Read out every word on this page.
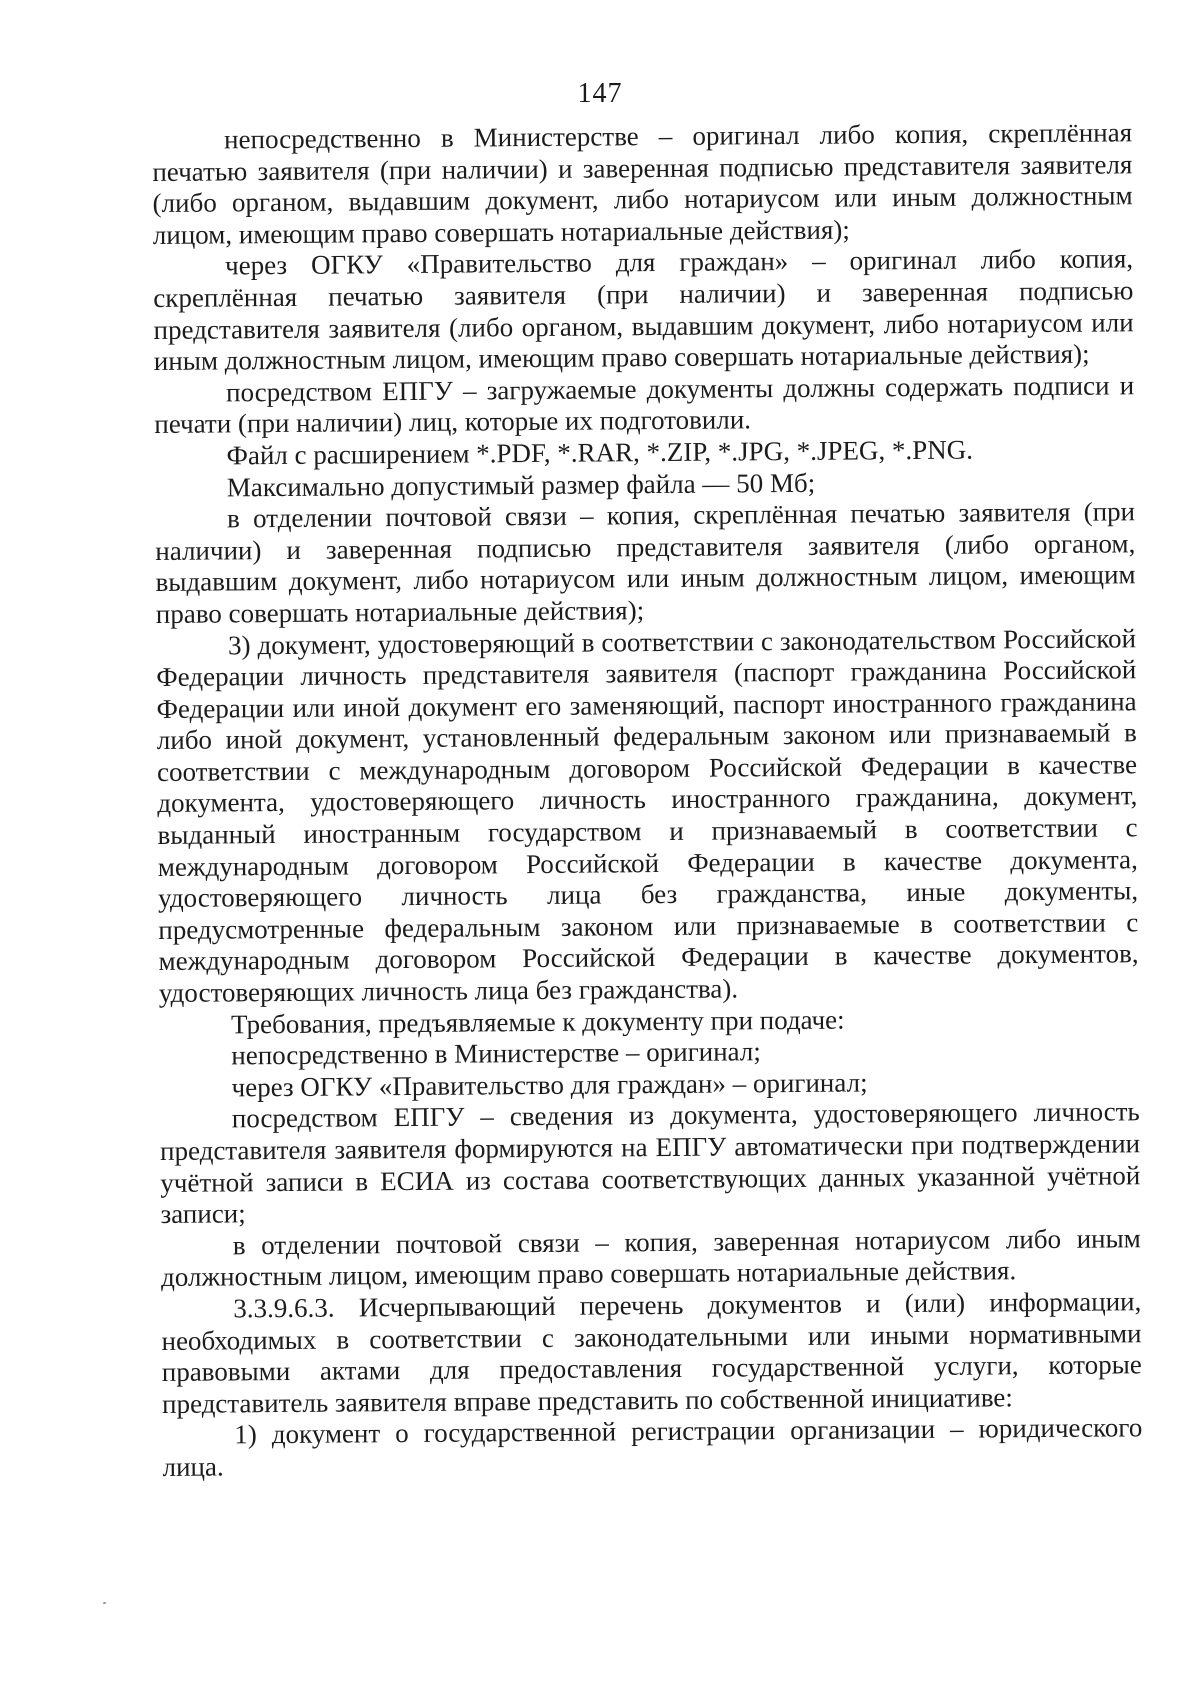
147

непосредственно в Министерстве – оригинал либо копия, скреплённая печатью заявителя (при наличии) и заверенная подписью представителя заявителя (либо органом, выдавшим документ, либо нотариусом или иным должностным лицом, имеющим право совершать нотариальные действия);

через ОГКУ «Правительство для граждан» – оригинал либо копия, скреплённая печатью заявителя (при наличии) и заверенная подписью представителя заявителя (либо органом, выдавшим документ, либо нотариусом или иным должностным лицом, имеющим право совершать нотариальные действия);

посредством ЕПГУ – загружаемые документы должны содержать подписи и печати (при наличии) лиц, которые их подготовили.

Файл с расширением *.PDF, *.RAR, *.ZIP, *.JPG, *.JPEG, *.PNG.

Максимально допустимый размер файла — 50 Мб;

в отделении почтовой связи – копия, скреплённая печатью заявителя (при наличии) и заверенная подписью представителя заявителя (либо органом, выдавшим документ, либо нотариусом или иным должностным лицом, имеющим право совершать нотариальные действия);

3) документ, удостоверяющий в соответствии с законодательством Российской Федерации личность представителя заявителя (паспорт гражданина Российской Федерации или иной документ его заменяющий, паспорт иностранного гражданина либо иной документ, установленный федеральным законом или признаваемый в соответствии с международным договором Российской Федерации в качестве документа, удостоверяющего личность иностранного гражданина, документ, выданный иностранным государством и признаваемый в соответствии с международным договором Российской Федерации в качестве документа, удостоверяющего личность лица без гражданства, иные документы, предусмотренные федеральным законом или признаваемые в соответствии с международным договором Российской Федерации в качестве документов, удостоверяющих личность лица без гражданства).

Требования, предъявляемые к документу при подаче:

непосредственно в Министерстве – оригинал;

через ОГКУ «Правительство для граждан» – оригинал;

посредством ЕПГУ – сведения из документа, удостоверяющего личность представителя заявителя формируются на ЕПГУ автоматически при подтверждении учётной записи в ЕСИА из состава соответствующих данных указанной учётной записи;

в отделении почтовой связи – копия, заверенная нотариусом либо иным должностным лицом, имеющим право совершать нотариальные действия.

3.3.9.6.3. Исчерпывающий перечень документов и (или) информации, необходимых в соответствии с законодательными или иными нормативными правовыми актами для предоставления государственной услуги, которые представитель заявителя вправе представить по собственной инициативе:

1) документ о государственной регистрации организации – юридического лица.
